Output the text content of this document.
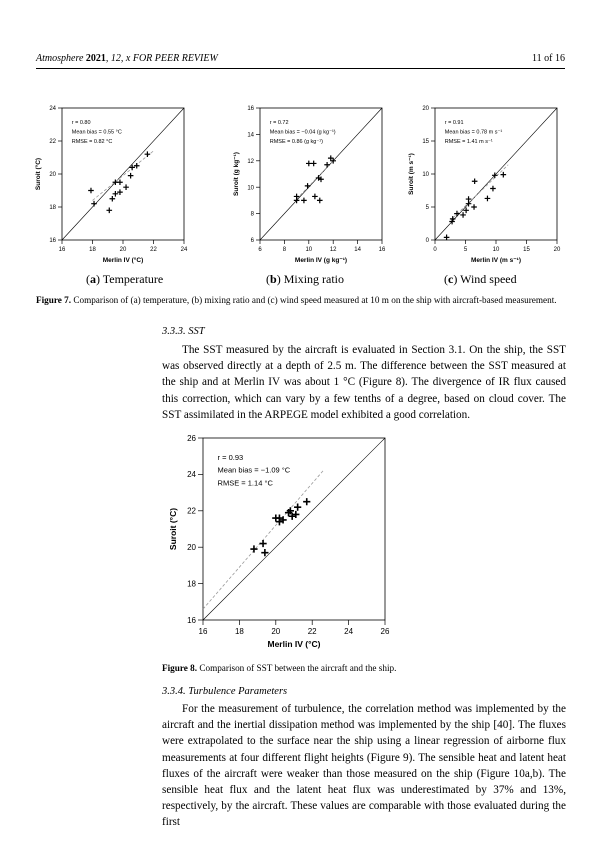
Atmosphere 2021, 12, x FOR PEER REVIEW	11 of 16
16	18	20	22	24
16
18
20
22
24
Merlin IV (°C)
Suroit (°C)
r = 0.80
Mean bias = 0.55 °C
RMSE = 0.82 °C
6	8	10	12	14	16
6
8
10
12
14
16
Merlin IV (g kg⁻¹)
Suroit (g kg⁻¹)
r = 0.72
Mean bias = −0.04 (g kg⁻¹)
RMSE = 0.86 (g kg⁻¹)
0	5	10	15	20
0
5
10
15
20
Merlin IV (m s⁻¹)
Suroit (m s⁻¹)
r = 0.91
Mean bias = 0.78 m s⁻¹
RMSE = 1.41 m s⁻¹
(a) Temperature	(b) Mixing ratio	(c) Wind speed
Figure 7. Comparison of (a) temperature, (b) mixing ratio and (c) wind speed measured at 10 m on the ship with aircraft-based measurement.
3.3.3. SST

The SST measured by the aircraft is evaluated in Section 3.1. On the ship, the SST was observed directly at a depth of 2.5 m. The difference between the SST measured at the ship and at Merlin IV was about 1 °C (Figure 8). The divergence of IR flux caused this correction, which can vary by a few tenths of a degree, based on cloud cover. The SST assimilated in the ARPEGE model exhibited a good correlation.

16	18	20	22	24	26
16
18
20
22
24
26
Merlin IV (°C)
Suroit (°C)
r = 0.93
Mean bias = −1.09 °C
RMSE = 1.14 °C
Figure 8. Comparison of SST between the aircraft and the ship.
3.3.4. Turbulence Parameters

For the measurement of turbulence, the correlation method was implemented by the aircraft and the inertial dissipation method was implemented by the ship [40]. The fluxes were extrapolated to the surface near the ship using a linear regression of airborne flux measurements at four different flight heights (Figure 9). The sensible heat and latent heat fluxes of the aircraft were weaker than those measured on the ship (Figure 10a,b). The sensible heat flux and the latent heat flux was underestimated by 37% and 13%, respectively, by the aircraft. These values are comparable with those evaluated during the first
